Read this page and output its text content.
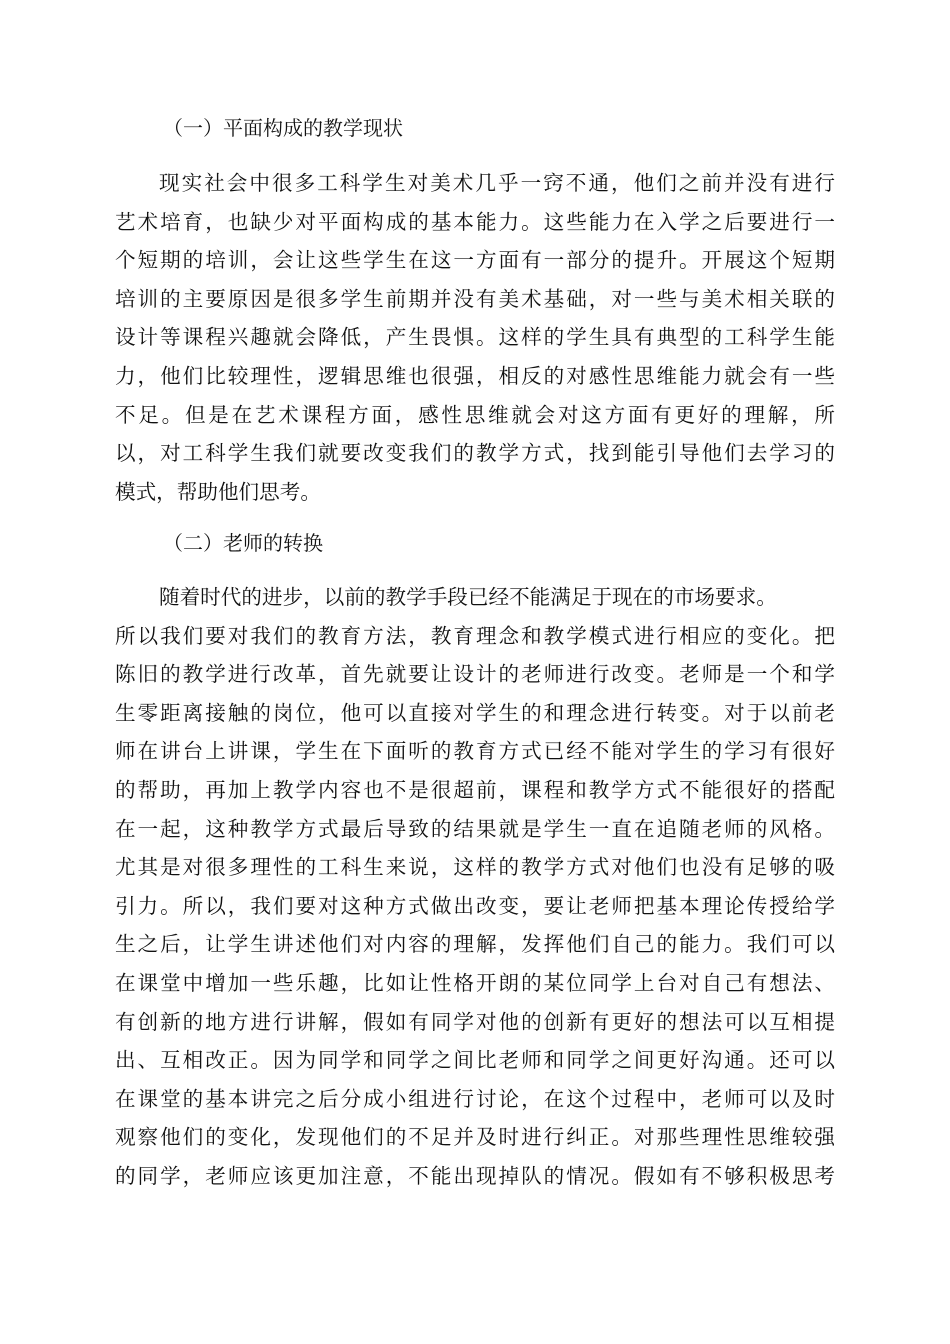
（一）平面构成的教学现状
现实社会中很多工科学生对美术几乎一窍不通，他们之前并没有进行
艺术培育，也缺少对平面构成的基本能力。这些能力在入学之后要进行一
个短期的培训，会让这些学生在这一方面有一部分的提升。开展这个短期
培训的主要原因是很多学生前期并没有美术基础，对一些与美术相关联的
设计等课程兴趣就会降低，产生畏惧。这样的学生具有典型的工科学生能
力，他们比较理性，逻辑思维也很强，相反的对感性思维能力就会有一些
不足。但是在艺术课程方面，感性思维就会对这方面有更好的理解，所
以，对工科学生我们就要改变我们的教学方式，找到能引导他们去学习的
模式，帮助他们思考。
（二）老师的转换
随着时代的进步，以前的教学手段已经不能满足于现在的市场要求。
所以我们要对我们的教育方法，教育理念和教学模式进行相应的变化。把
陈旧的教学进行改革，首先就要让设计的老师进行改变。老师是一个和学
生零距离接触的岗位，他可以直接对学生的和理念进行转变。对于以前老
师在讲台上讲课，学生在下面听的教育方式已经不能对学生的学习有很好
的帮助，再加上教学内容也不是很超前，课程和教学方式不能很好的搭配
在一起，这种教学方式最后导致的结果就是学生一直在追随老师的风格。
尤其是对很多理性的工科生来说，这样的教学方式对他们也没有足够的吸
引力。所以，我们要对这种方式做出改变，要让老师把基本理论传授给学
生之后，让学生讲述他们对内容的理解，发挥他们自己的能力。我们可以
在课堂中增加一些乐趣，比如让性格开朗的某位同学上台对自己有想法、
有创新的地方进行讲解，假如有同学对他的创新有更好的想法可以互相提
出、互相改正。因为同学和同学之间比老师和同学之间更好沟通。还可以
在课堂的基本讲完之后分成小组进行讨论，在这个过程中，老师可以及时
观察他们的变化，发现他们的不足并及时进行纠正。对那些理性思维较强
的同学，老师应该更加注意，不能出现掉队的情况。假如有不够积极思考
